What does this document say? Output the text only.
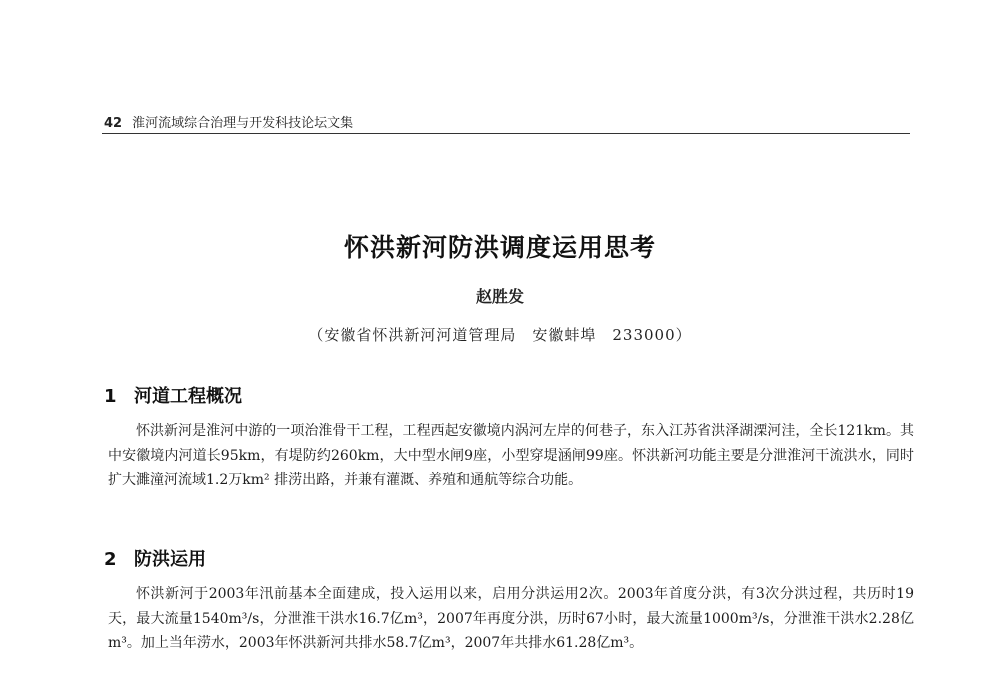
42 淮河流域综合治理与开发科技论坛文集
怀洪新河防洪调度运用思考
赵胜发
（安徽省怀洪新河河道管理局　安徽蚌埠　233000）
1 河道工程概况
怀洪新河是淮河中游的一项治淮骨干工程，工程西起安徽境内涡河左岸的何巷子，东入江苏省洪泽湖溧河洼，全长121km。其中安徽境内河道长95km，有堤防约260km，大中型水闸9座，小型穿堤涵闸99座。怀洪新河功能主要是分泄淮河干流洪水，同时扩大濉潼河流域1.2万km² 排涝出路，并兼有灌溉、养殖和通航等综合功能。
2 防洪运用
怀洪新河于2003年汛前基本全面建成，投入运用以来，启用分洪运用2次。2003年首度分洪，有3次分洪过程，共历时19天，最大流量1540m³/s，分泄淮干洪水16.7亿m³，2007年再度分洪，历时67小时，最大流量1000m³/s，分泄淮干洪水2.28亿m³。加上当年涝水，2003年怀洪新河共排水58.7亿m³，2007年共排水61.28亿m³。
